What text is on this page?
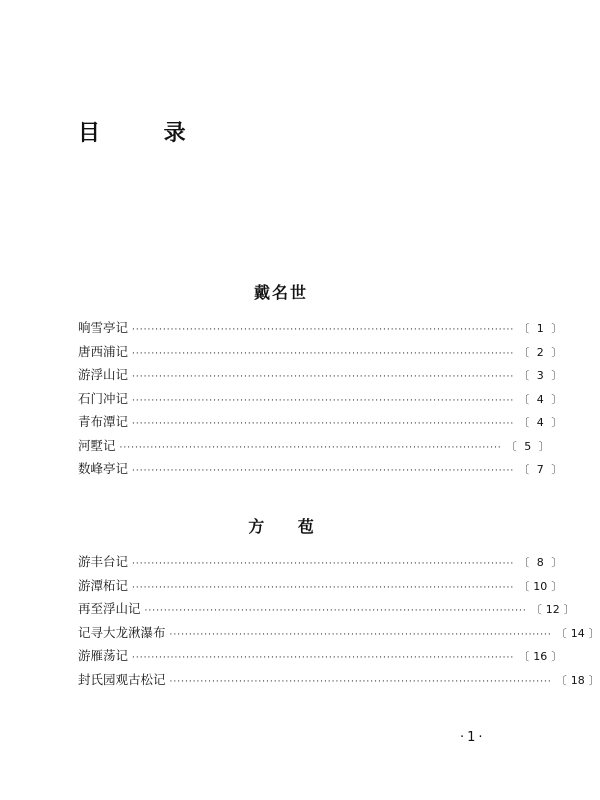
目 录
戴名世
响雪亭记 ··································································································· 〔 1 〕
唐西浦记 ··································································································· 〔 2 〕
游浮山记 ··································································································· 〔 3 〕
石门冲记 ··································································································· 〔 4 〕
青布潭记 ··································································································· 〔 4 〕
河墅记 ··································································································· 〔 5 〕
数峰亭记 ··································································································· 〔 7 〕
方 苞
游丰台记 ··································································································· 〔 8 〕
游潭柘记 ··································································································· 〔 10 〕
再至浮山记 ··································································································· 〔 12 〕
记寻大龙湫瀑布 ··································································································· 〔 14 〕
游雁荡记 ··································································································· 〔 16 〕
封氏园观古松记 ··································································································· 〔 18 〕
·1·
